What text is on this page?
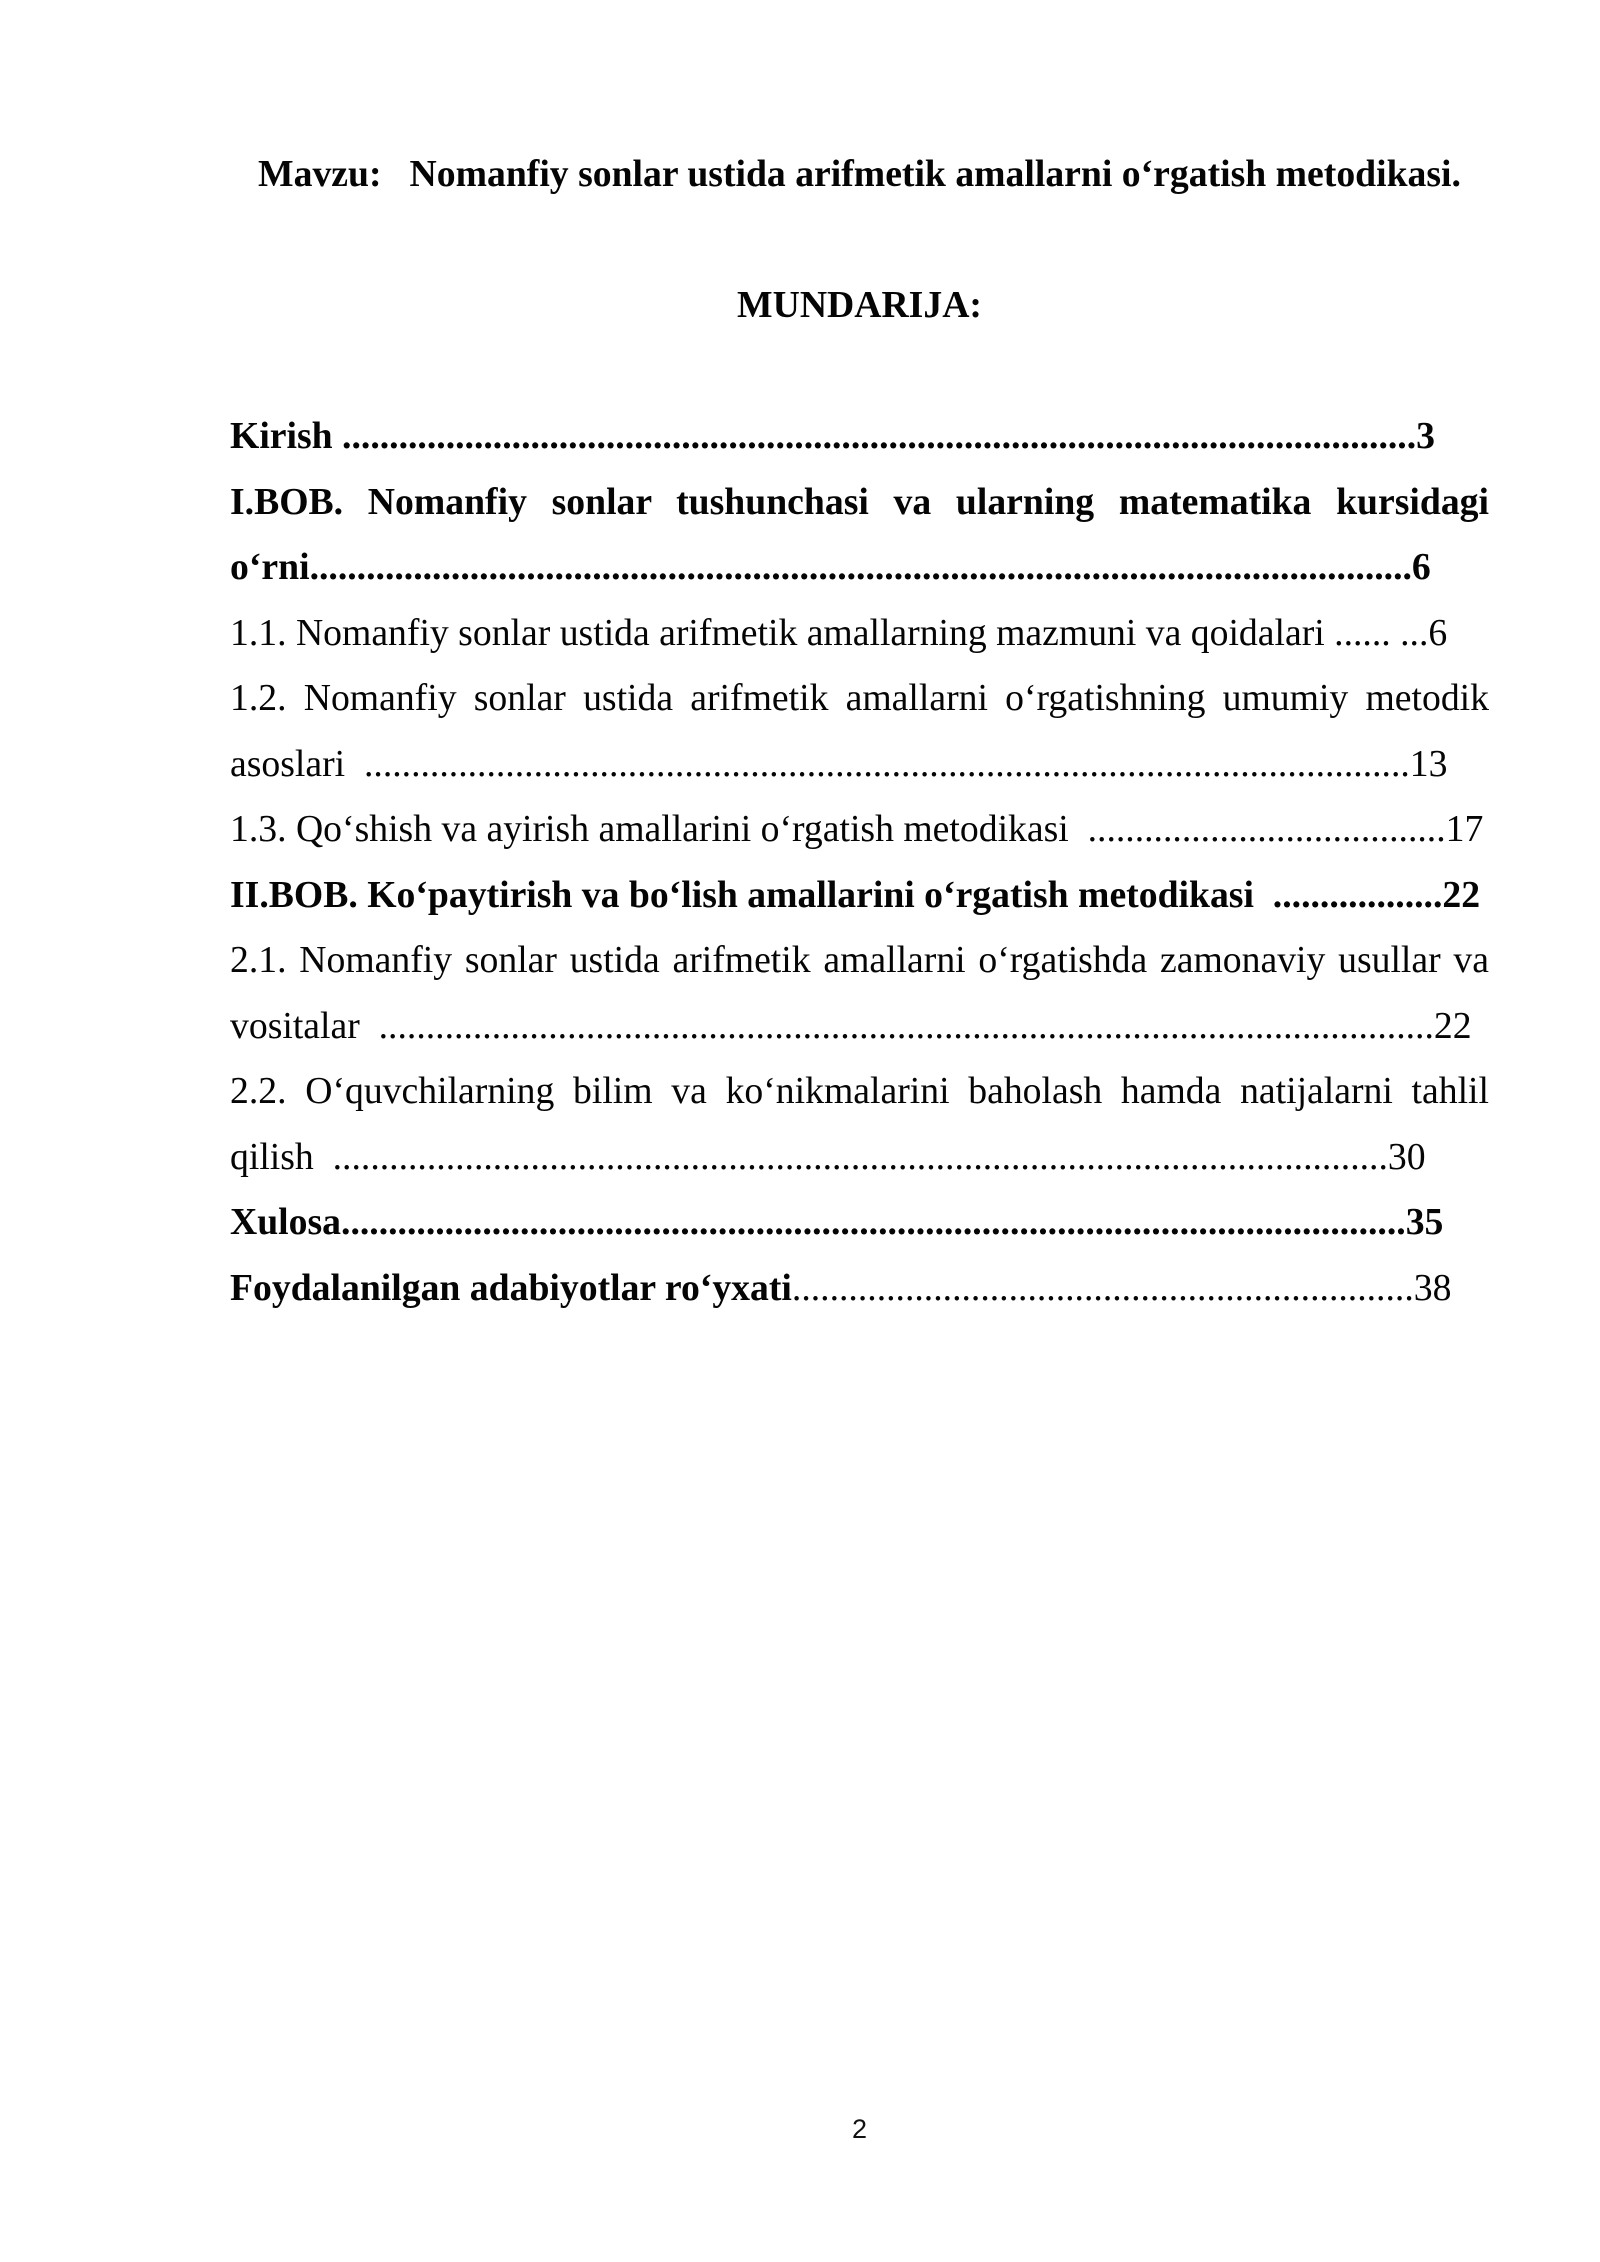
Mavzu: Nomanfiy sonlar ustida arifmetik amallarni o‘rgatish metodikasi.
MUNDARIJA:
Kirish .................................................................................................................. 3
I.BOB. Nomanfiy sonlar tushunchasi va ularning matematika kursidagi
o‘rni ..................................................................................................................... 6
1.1. Nomanfiy sonlar ustida arifmetik amallarning mazmuni va qoidalari ...... ... 6
1.2. Nomanfiy sonlar ustida arifmetik amallarni o‘rgatishning umumiy metodik
asoslari ............................................................................................................... 13
1.3. Qo‘shish va ayirish amallarini o‘rgatish metodikasi ...................................... 17
II.BOB. Ko‘paytirish va bo‘lish amallarini o‘rgatish metodikasi .................. 22
2.1. Nomanfiy sonlar ustida arifmetik amallarni o‘rgatishda zamonaviy usullar va
vositalar ................................................................................................................ 22
2.2. O‘quvchilarning bilim va ko‘nikmalarini baholash hamda natijalarni tahlil
qilish ................................................................................................................ 30
Xulosa ................................................................................................................. 35
Foydalanilgan adabiyotlar ro‘yxati .................................................................. 38
2
